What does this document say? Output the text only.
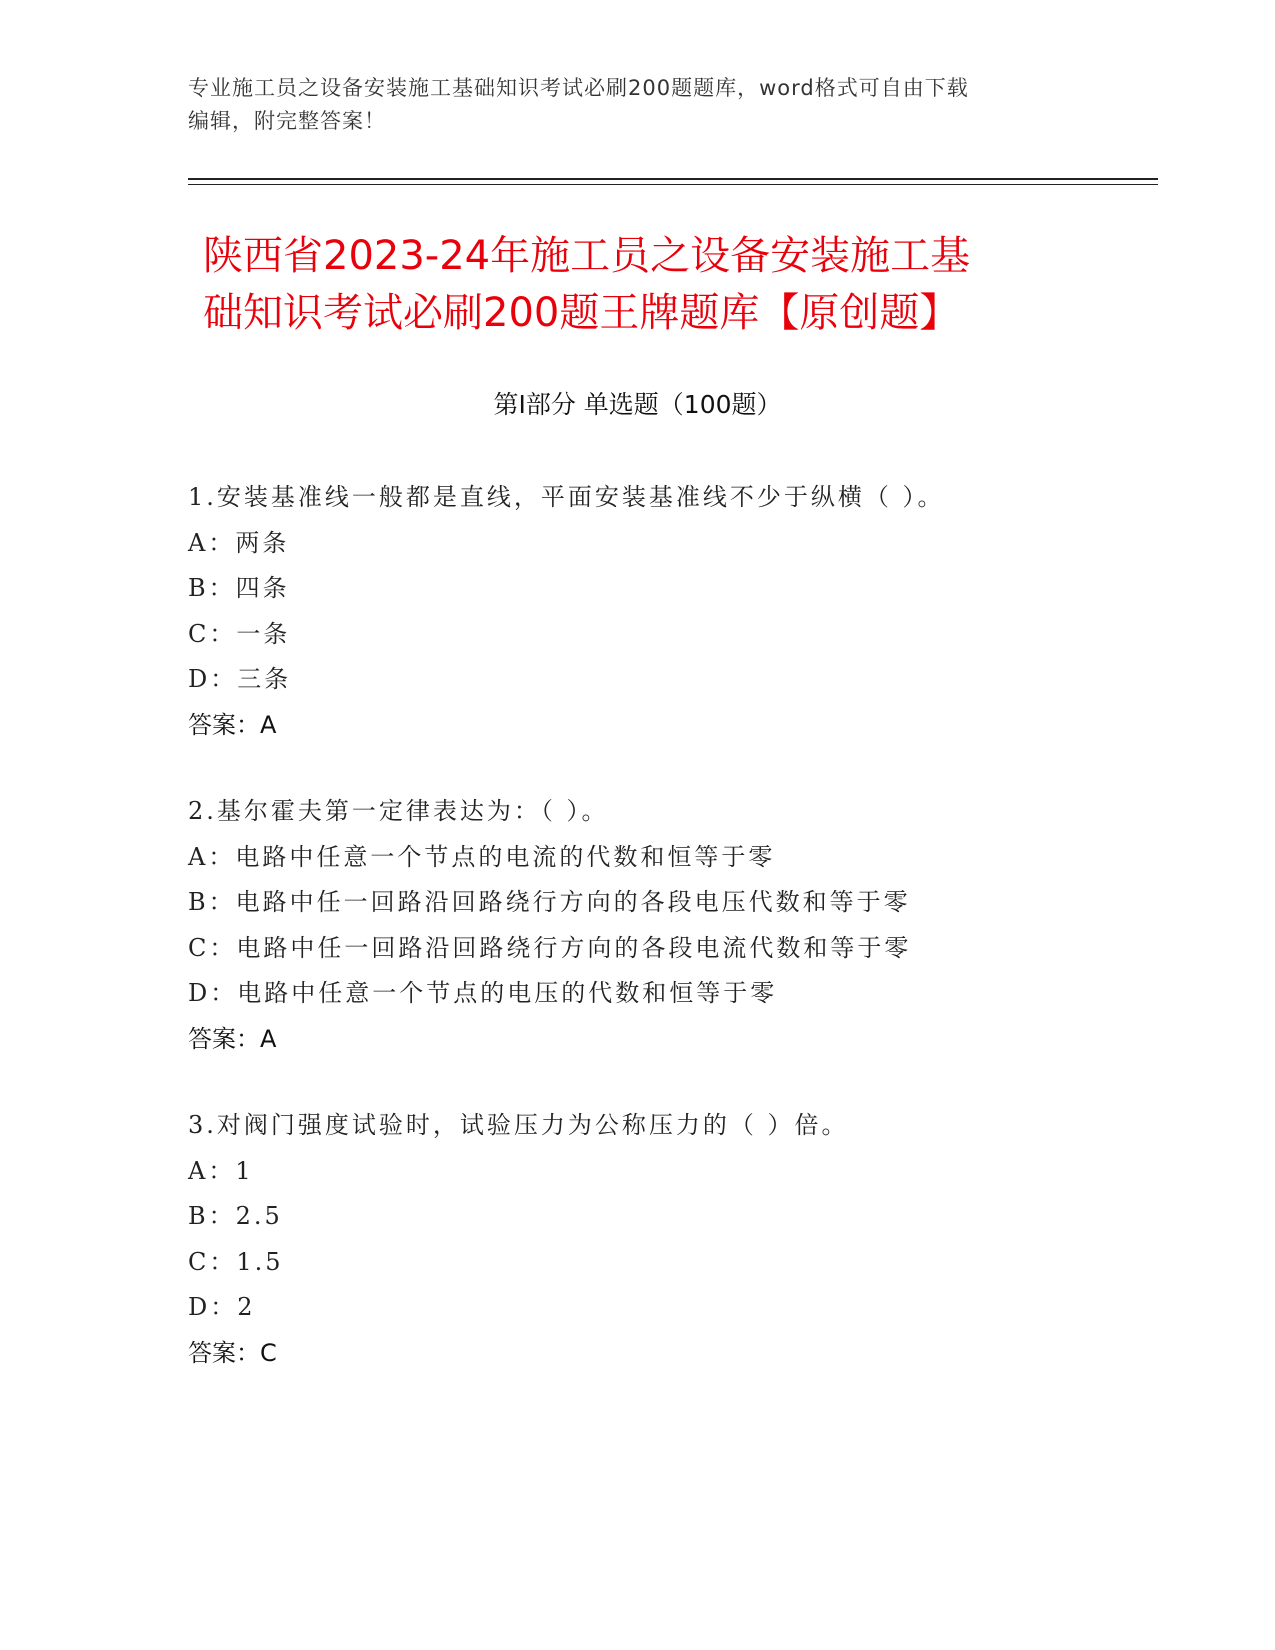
专业施工员之设备安装施工基础知识考试必刷200题题库，word格式可自由下载
编辑，附完整答案！
陕西省2023-24年施工员之设备安装施工基
础知识考试必刷200题王牌题库【原创题】
第Ⅰ部分 单选题（100题）
1.安装基准线一般都是直线，平面安装基准线不少于纵横（ ）。
A：两条
B：四条
C：一条
D：三条
答案：A
2.基尔霍夫第一定律表达为：（ ）。
A：电路中任意一个节点的电流的代数和恒等于零
B：电路中任一回路沿回路绕行方向的各段电压代数和等于零
C：电路中任一回路沿回路绕行方向的各段电流代数和等于零
D：电路中任意一个节点的电压的代数和恒等于零
答案：A
3.对阀门强度试验时，试验压力为公称压力的（ ）倍。
A：1
B：2.5
C：1.5
D：2
答案：C
